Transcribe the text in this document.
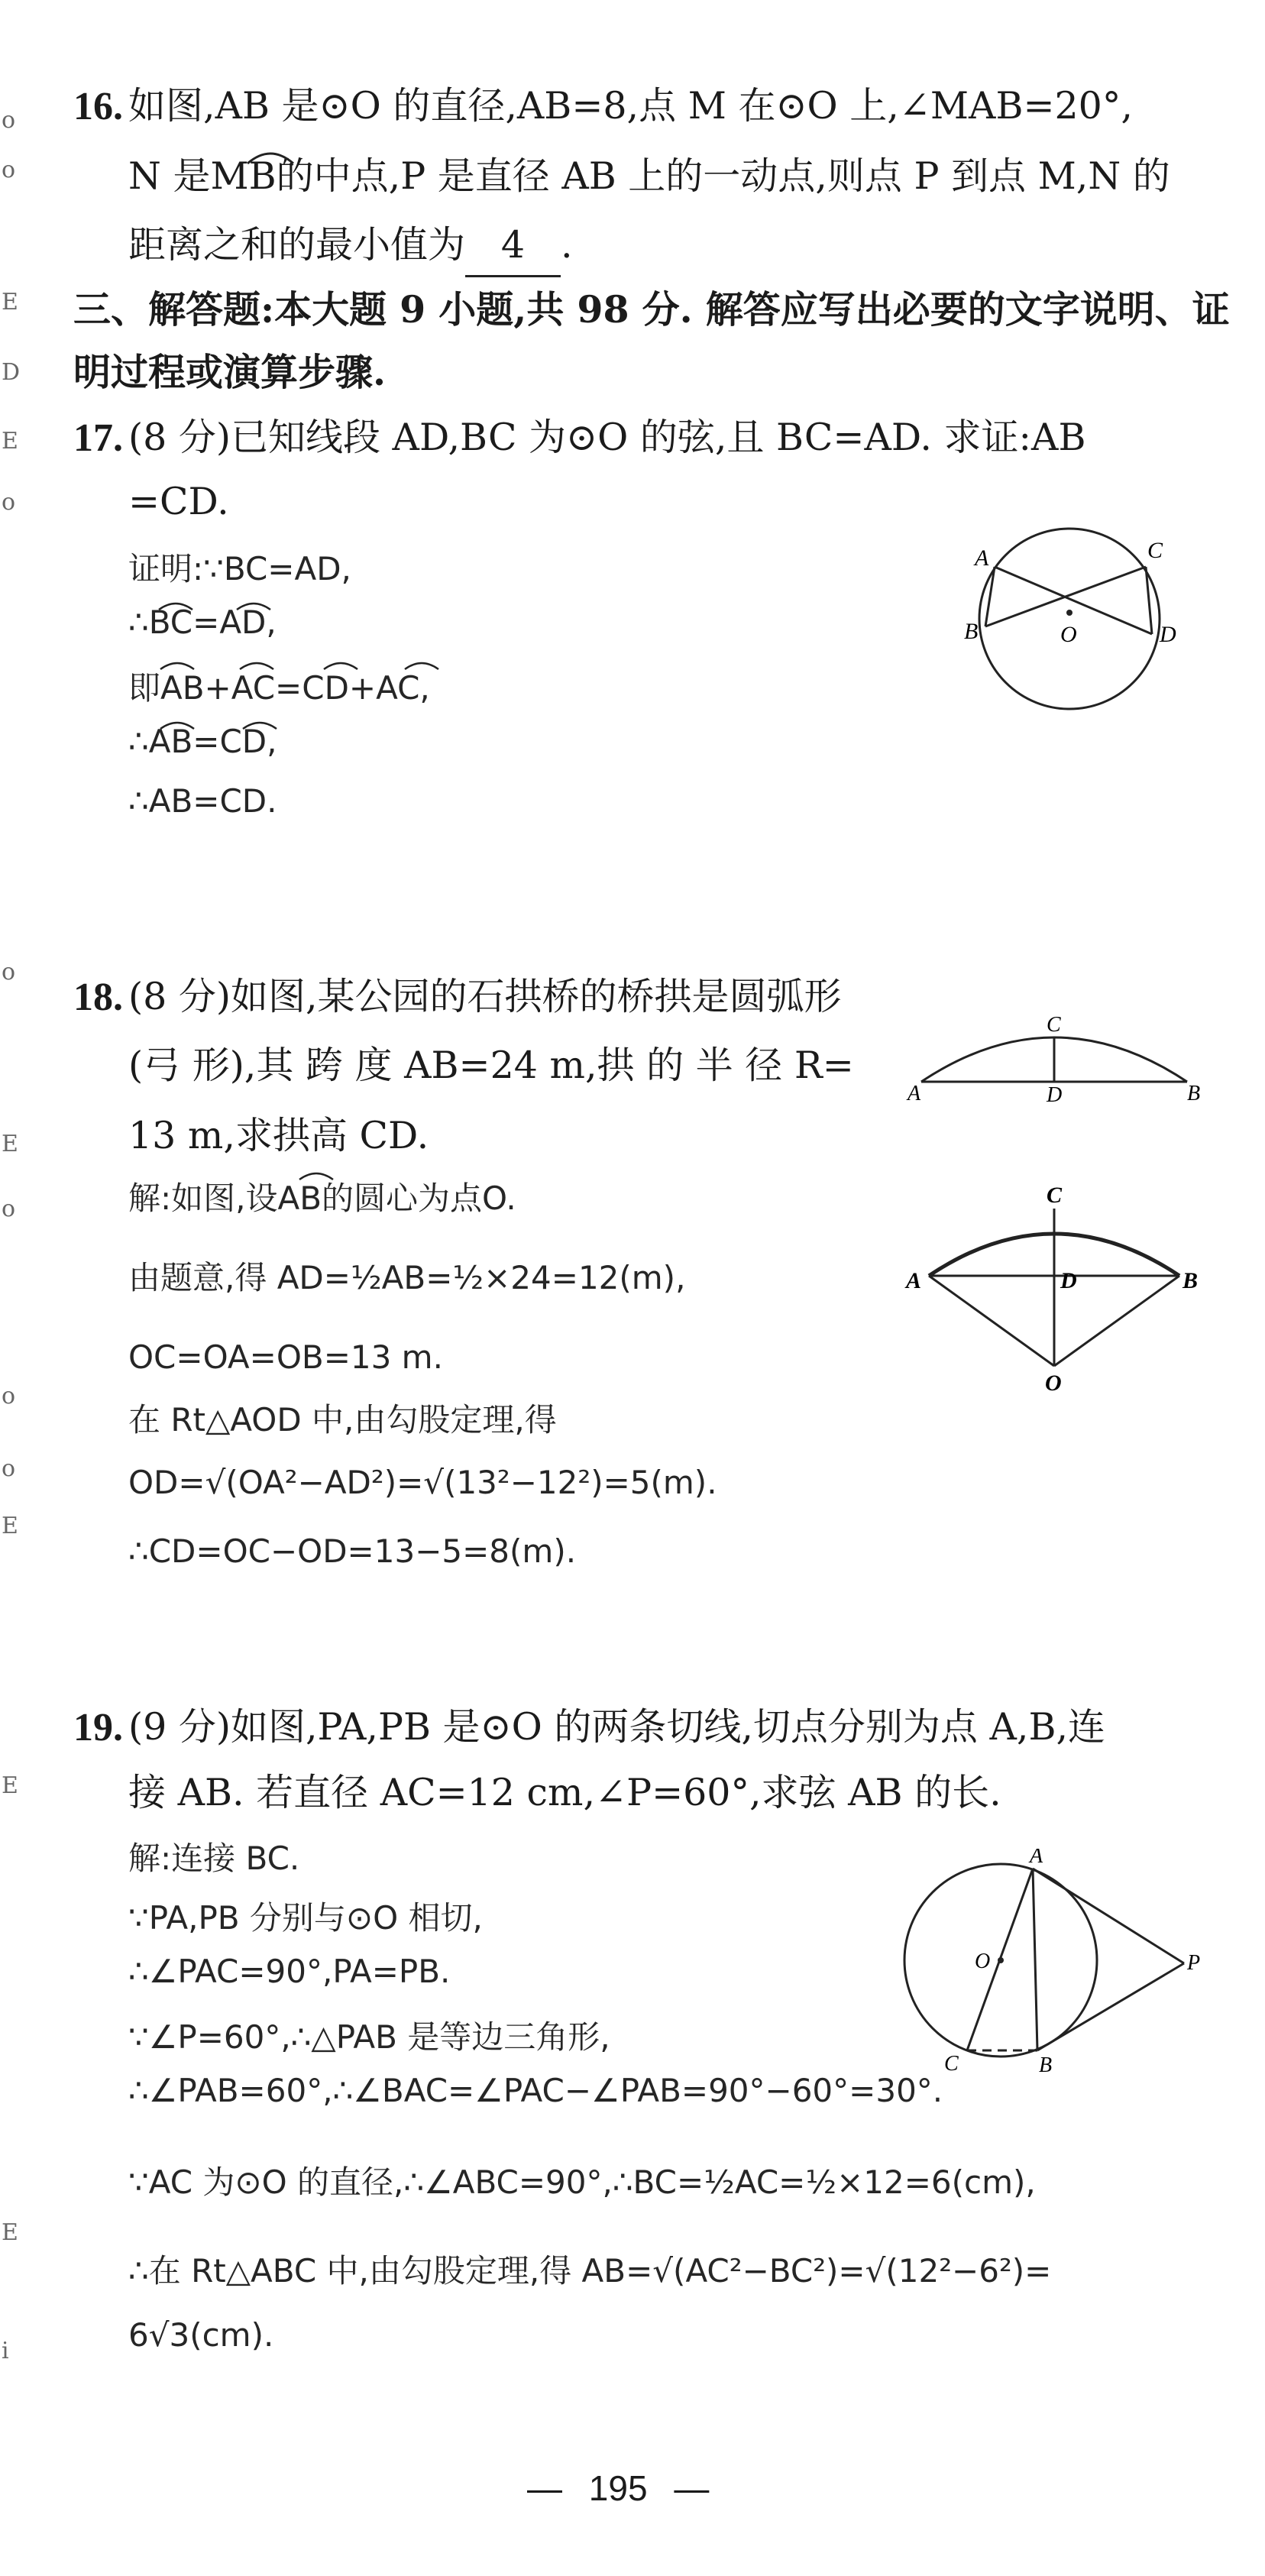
o
o
E
D
E
o
o
E
o
o
o
E
E
E
i
16. 如图,AB 是⊙O 的直径,AB=8,点 M 在⊙O 上,∠MAB=20°,
N 是MB的中点,P 是直径 AB 上的一动点,则点 P 到点 M,N 的
距离之和的最小值为 4 .
三、解答题:本大题 9 小题,共 98 分. 解答应写出必要的文字说明、证
明过程或演算步骤.
17. (8 分)已知线段 AD,BC 为⊙O 的弦,且 BC=AD. 求证:AB
=CD.
证明:∵BC=AD,
∴BC=AD,
即AB+AC=CD+AC,
∴AB=CD,
∴AB=CD.
A
B
C
D
O
18. (8 分)如图,某公园的石拱桥的桥拱是圆弧形
(弓 形),其 跨 度 AB=24 m,拱 的 半 径 R=
13 m,求拱高 CD.
A	B
C
D
解:如图,设AB的圆心为点O.
由题意,得 AD=½AB=½×24=12(m),
OC=OA=OB=13 m.
在 Rt△AOD 中,由勾股定理,得
OD=√(OA²−AD²)=√(13²−12²)=5(m).
∴CD=OC−OD=13−5=8(m).
A	B
C
D
O
19. (9 分)如图,PA,PB 是⊙O 的两条切线,切点分别为点 A,B,连
接 AB. 若直径 AC=12 cm,∠P=60°,求弦 AB 的长.
解:连接 BC.
∵PA,PB 分别与⊙O 相切,
∴∠PAC=90°,PA=PB.
∵∠P=60°,∴△PAB 是等边三角形,
∴∠PAB=60°,∴∠BAC=∠PAC−∠PAB=90°−60°=30°.
∵AC 为⊙O 的直径,∴∠ABC=90°,∴BC=½AC=½×12=6(cm),
∴在 Rt△ABC 中,由勾股定理,得 AB=√(AC²−BC²)=√(12²−6²)=
6√3(cm).
A
B
C
O	P
— 195 —
